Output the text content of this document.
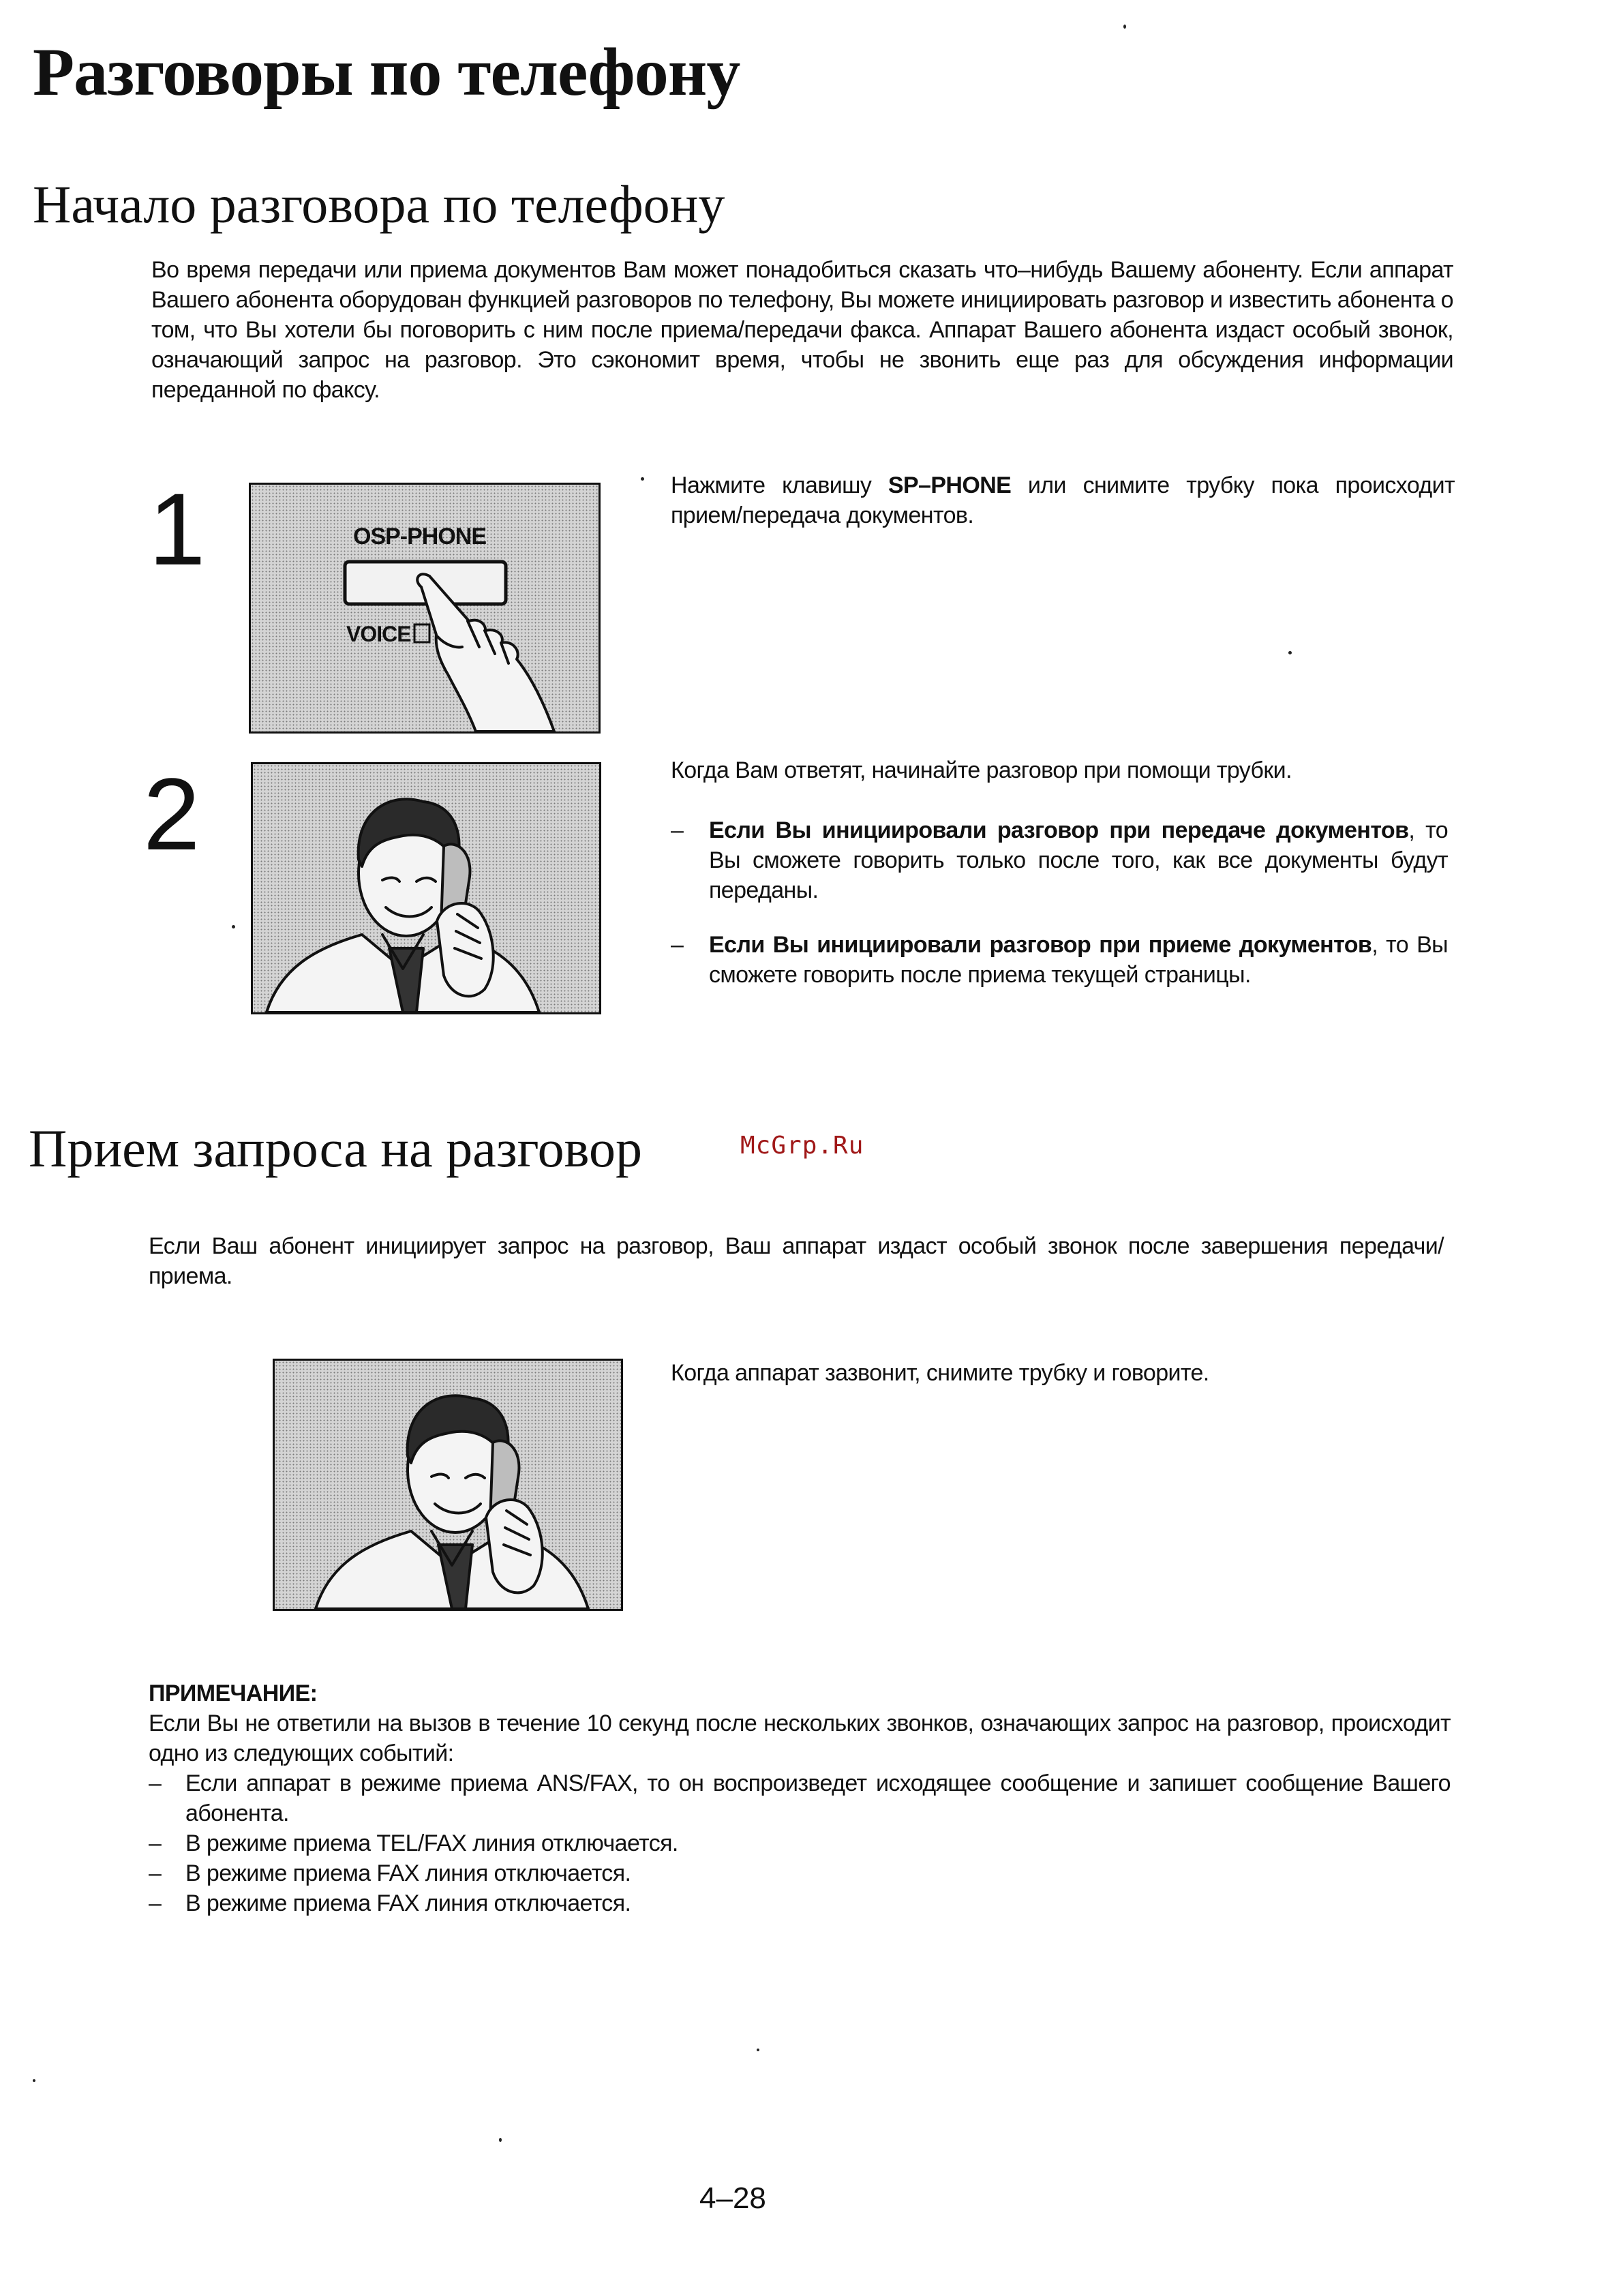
Разговоры по телефону
Начало разговора по телефону
Во время передачи или приема документов Вам может понадобиться сказать что–нибудь Вашему абоненту. Если аппарат Вашего абонента оборудован функцией разговоров по телефону, Вы можете инициировать разговор и известить абонента о том, что Вы хотели бы поговорить с ним после приема/передачи факса. Аппарат Вашего абонента издаст особый звонок, означающий запрос на разговор. Это сэкономит время, чтобы не звонить еще раз для обсуждения информации переданной по факсу.
1	OSP-PHONE
VOICE
Нажмите клавишу SP–PHONE или снимите трубку пока происходит прием/передача документов.
2	Когда Вам ответят, начинайте разговор при помощи трубки.
– Если Вы инициировали разговор при передаче документов, то Вы сможете говорить только после того, как все документы будут переданы.
– Если Вы инициировали разговор при приеме документов, то Вы сможете говорить после приема текущей страницы.
Прием запроса на разговор	McGrp.Ru
Если Ваш абонент инициирует запрос на разговор, Ваш аппарат издаст особый звонок после завершения передачи/приема.
Когда аппарат зазвонит, снимите трубку и говорите.
ПРИМЕЧАНИЕ:
Если Вы не ответили на вызов в течение 10 секунд после нескольких звонков, означающих запрос на разговор, происходит одно из следующих событий:
– Если аппарат в режиме приема ANS/FAX, то он воспроизведет исходящее сообщение и запишет сообщение Вашего абонента.
– В режиме приема TEL/FAX линия отключается.
– В режиме приема FAX линия отключается.
– В режиме приема FAX линия отключается.
4–28
